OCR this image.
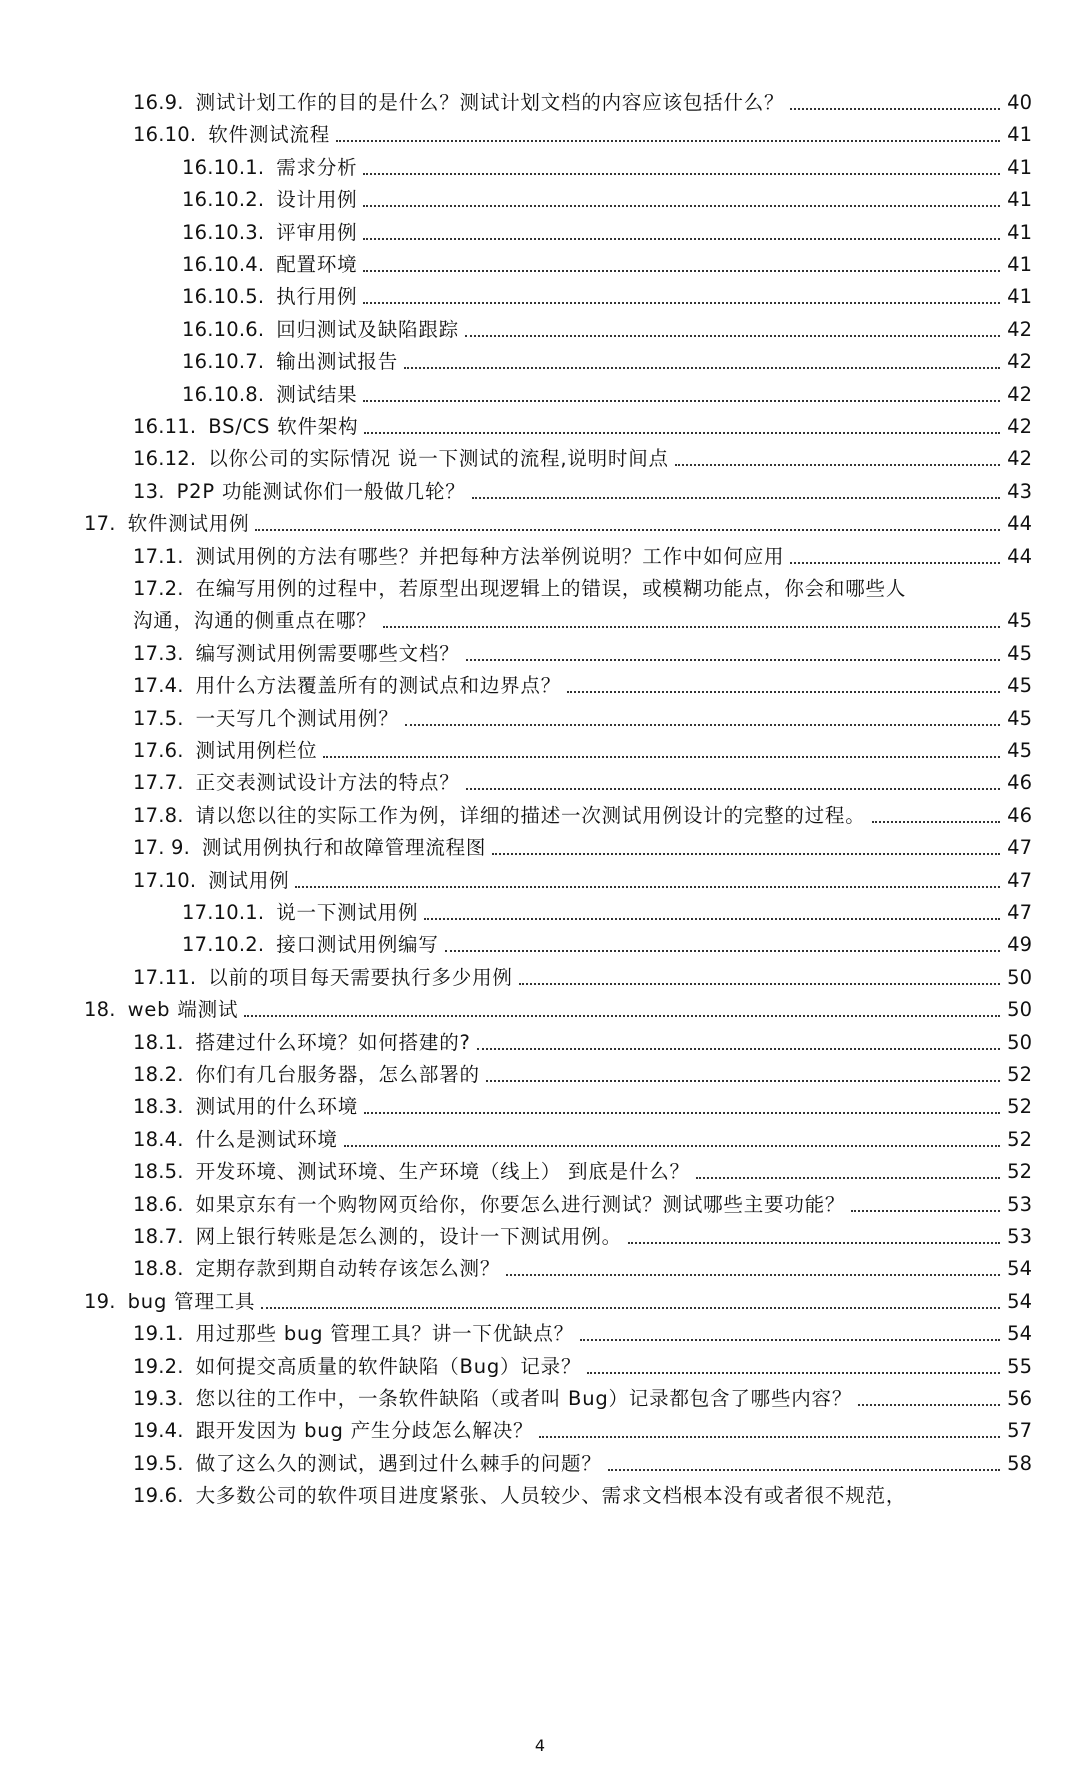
16.9. 测试计划工作的目的是什么？测试计划文档的内容应该包括什么？	40
16.10. 软件测试流程	41
16.10.1. 需求分析	41
16.10.2. 设计用例	41
16.10.3. 评审用例	41
16.10.4. 配置环境	41
16.10.5. 执行用例	41
16.10.6. 回归测试及缺陷跟踪	42
16.10.7. 输出测试报告	42
16.10.8. 测试结果	42
16.11. BS/CS 软件架构	42
16.12. 以你公司的实际情况 说一下测试的流程,说明时间点	42
13. P2P 功能测试你们一般做几轮？	43
17. 软件测试用例	44
17.1. 测试用例的方法有哪些？并把每种方法举例说明？工作中如何应用	44
17.2. 在编写用例的过程中，若原型出现逻辑上的错误，或模糊功能点，你会和哪些人
沟通，沟通的侧重点在哪？	45
17.3. 编写测试用例需要哪些文档？	45
17.4. 用什么方法覆盖所有的测试点和边界点？	45
17.5. 一天写几个测试用例？	45
17.6. 测试用例栏位	45
17.7. 正交表测试设计方法的特点？	46
17.8. 请以您以往的实际工作为例，详细的描述一次测试用例设计的完整的过程。	46
17. 9. 测试用例执行和故障管理流程图	47
17.10. 测试用例	47
17.10.1. 说一下测试用例	47
17.10.2. 接口测试用例编写	49
17.11. 以前的项目每天需要执行多少用例	50
18. web 端测试	50
18.1. 搭建过什么环境？如何搭建的?	50
18.2. 你们有几台服务器，怎么部署的	52
18.3. 测试用的什么环境	52
18.4. 什么是测试环境	52
18.5. 开发环境、测试环境、生产环境（线上） 到底是什么？	52
18.6. 如果京东有一个购物网页给你，你要怎么进行测试？测试哪些主要功能？	53
18.7. 网上银行转账是怎么测的，设计一下测试用例。	53
18.8. 定期存款到期自动转存该怎么测？	54
19. bug 管理工具	54
19.1. 用过那些 bug 管理工具？讲一下优缺点？	54
19.2. 如何提交高质量的软件缺陷（Bug）记录？	55
19.3. 您以往的工作中，一条软件缺陷（或者叫 Bug）记录都包含了哪些内容？	56
19.4. 跟开发因为 bug 产生分歧怎么解决？	57
19.5. 做了这么久的测试，遇到过什么棘手的问题？	58
19.6. 大多数公司的软件项目进度紧张、人员较少、需求文档根本没有或者很不规范，
4
